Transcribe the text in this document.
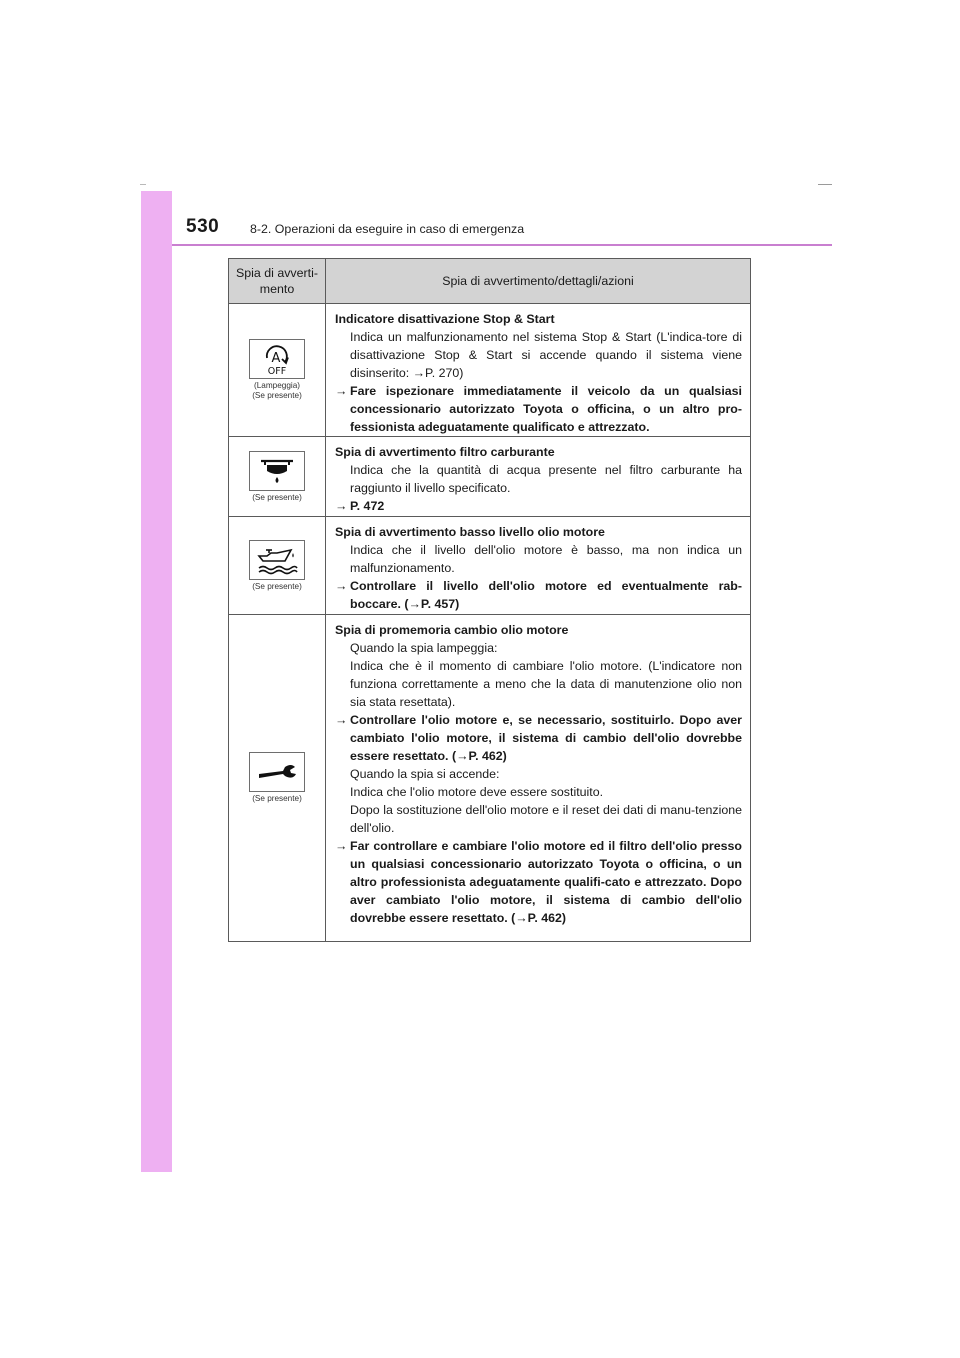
530 8-2. Operazioni da eseguire in caso di emergenza
Spia di avverti-mento
Spia di avvertimento/dettagli/azioni
A
OFF
(Lampeggia)
(Se presente)
Indicatore disattivazione Stop & Start
Indica un malfunzionamento nel sistema Stop & Start (L'indica-tore di disattivazione Stop & Start si accende quando il sistema viene disinserito: →P. 270)
→ Fare ispezionare immediatamente il veicolo da un qualsiasi concessionario autorizzato Toyota o officina, o un altro pro-fessionista adeguatamente qualificato e attrezzato.
(Se presente)
Spia di avvertimento filtro carburante
Indica che la quantità di acqua presente nel filtro carburante ha raggiunto il livello specificato.
→ P. 472
(Se presente)
Spia di avvertimento basso livello olio motore
Indica che il livello dell'olio motore è basso, ma non indica un malfunzionamento.
→ Controllare il livello dell'olio motore ed eventualmente rab-boccare. (→P. 457)
(Se presente)
Spia di promemoria cambio olio motore
Quando la spia lampeggia:
Indica che è il momento di cambiare l'olio motore. (L'indicatore non funziona correttamente a meno che la data di manutenzione olio non sia stata resettata).
→ Controllare l'olio motore e, se necessario, sostituirlo. Dopo aver cambiato l'olio motore, il sistema di cambio dell'olio dovrebbe essere resettato. (→P. 462)
Quando la spia si accende:
Indica che l'olio motore deve essere sostituito.
Dopo la sostituzione dell'olio motore e il reset dei dati di manu-tenzione dell'olio.
→ Far controllare e cambiare l'olio motore ed il filtro dell'olio presso un qualsiasi concessionario autorizzato Toyota o officina, o un altro professionista adeguatamente qualifi-cato e attrezzato. Dopo aver cambiato l'olio motore, il sistema di cambio dell'olio dovrebbe essere resettato. (→P. 462)
